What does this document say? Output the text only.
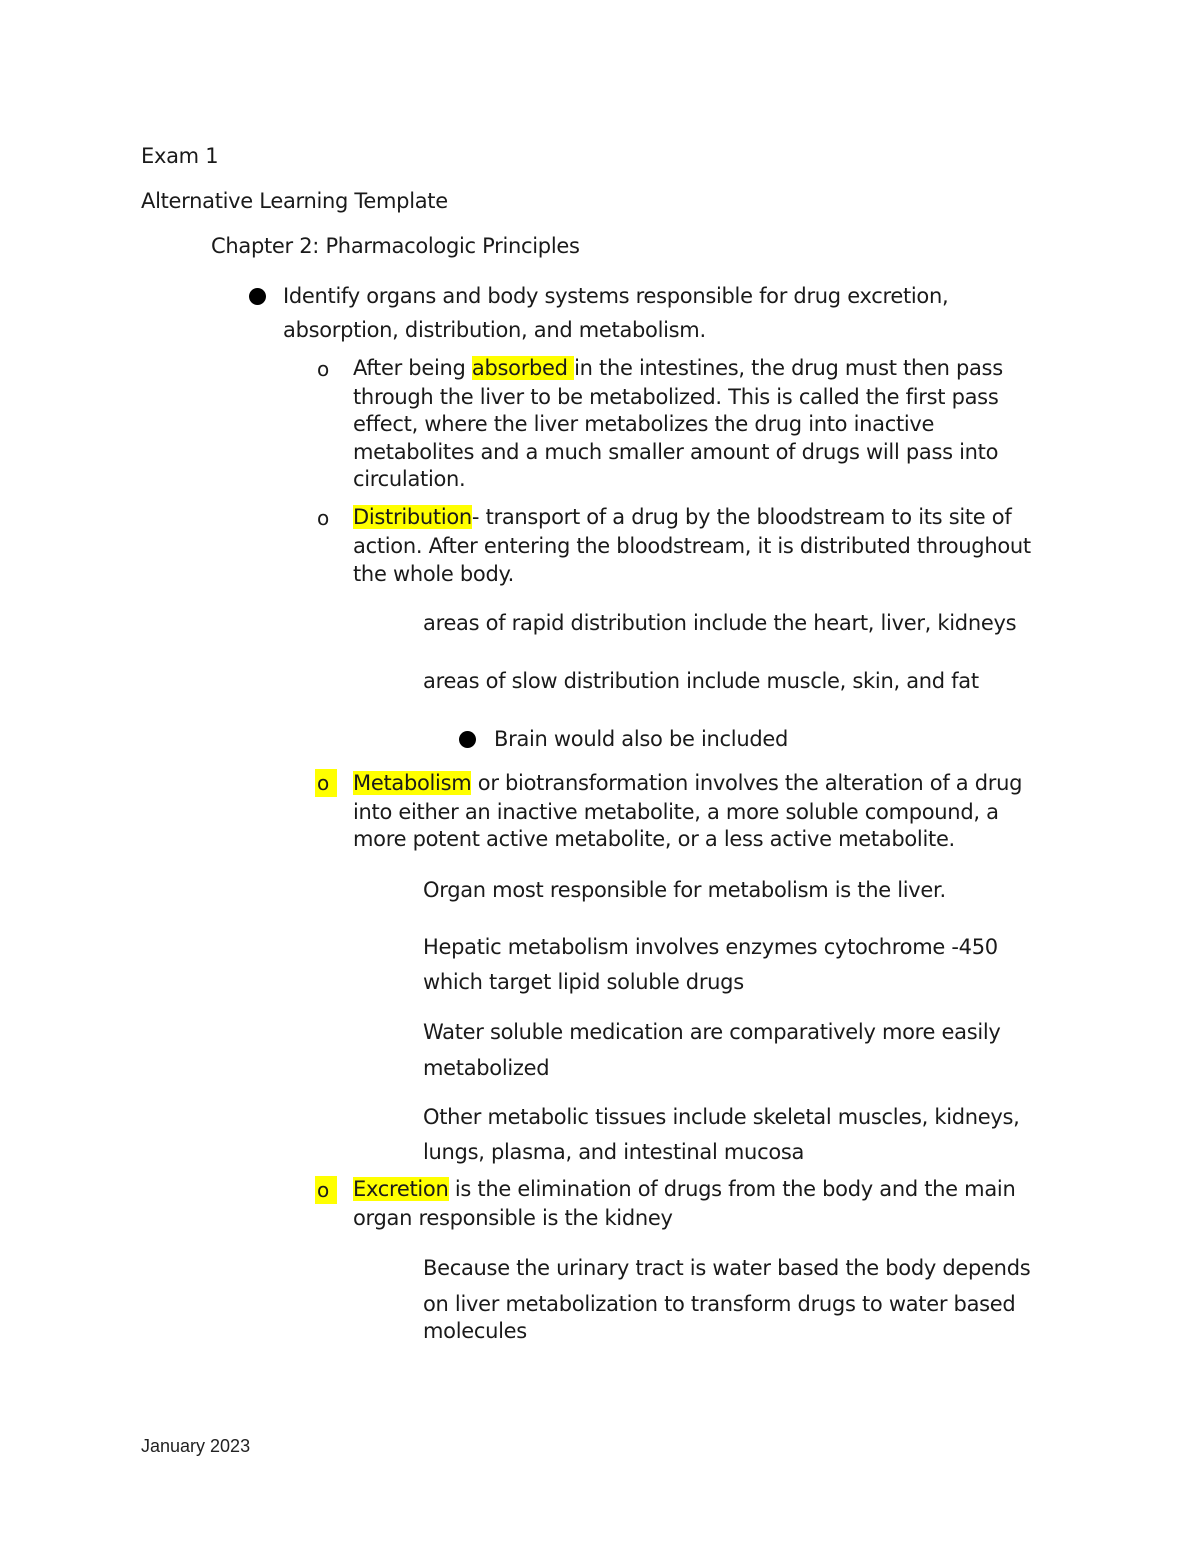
Exam 1
Alternative Learning Template
Chapter 2: Pharmacologic Principles
Identify organs and body systems responsible for drug excretion,
absorption, distribution, and metabolism.
o After being absorbed in the intestines, the drug must then pass
through the liver to be metabolized. This is called the first pass
effect, where the liver metabolizes the drug into inactive
metabolites and a much smaller amount of drugs will pass into
circulation.
o Distribution- transport of a drug by the bloodstream to its site of
action. After entering the bloodstream, it is distributed throughout
the whole body.
areas of rapid distribution include the heart, liver, kidneys
areas of slow distribution include muscle, skin, and fat
Brain would also be included
o	Metabolism or biotransformation involves the alteration of a drug
into either an inactive metabolite, a more soluble compound, a
more potent active metabolite, or a less active metabolite.
Organ most responsible for metabolism is the liver.
Hepatic metabolism involves enzymes cytochrome -450
which target lipid soluble drugs
Water soluble medication are comparatively more easily
metabolized
Other metabolic tissues include skeletal muscles, kidneys,
lungs, plasma, and intestinal mucosa
o	Excretion is the elimination of drugs from the body and the main
organ responsible is the kidney
Because the urinary tract is water based the body depends
on liver metabolization to transform drugs to water based
molecules
January 2023
